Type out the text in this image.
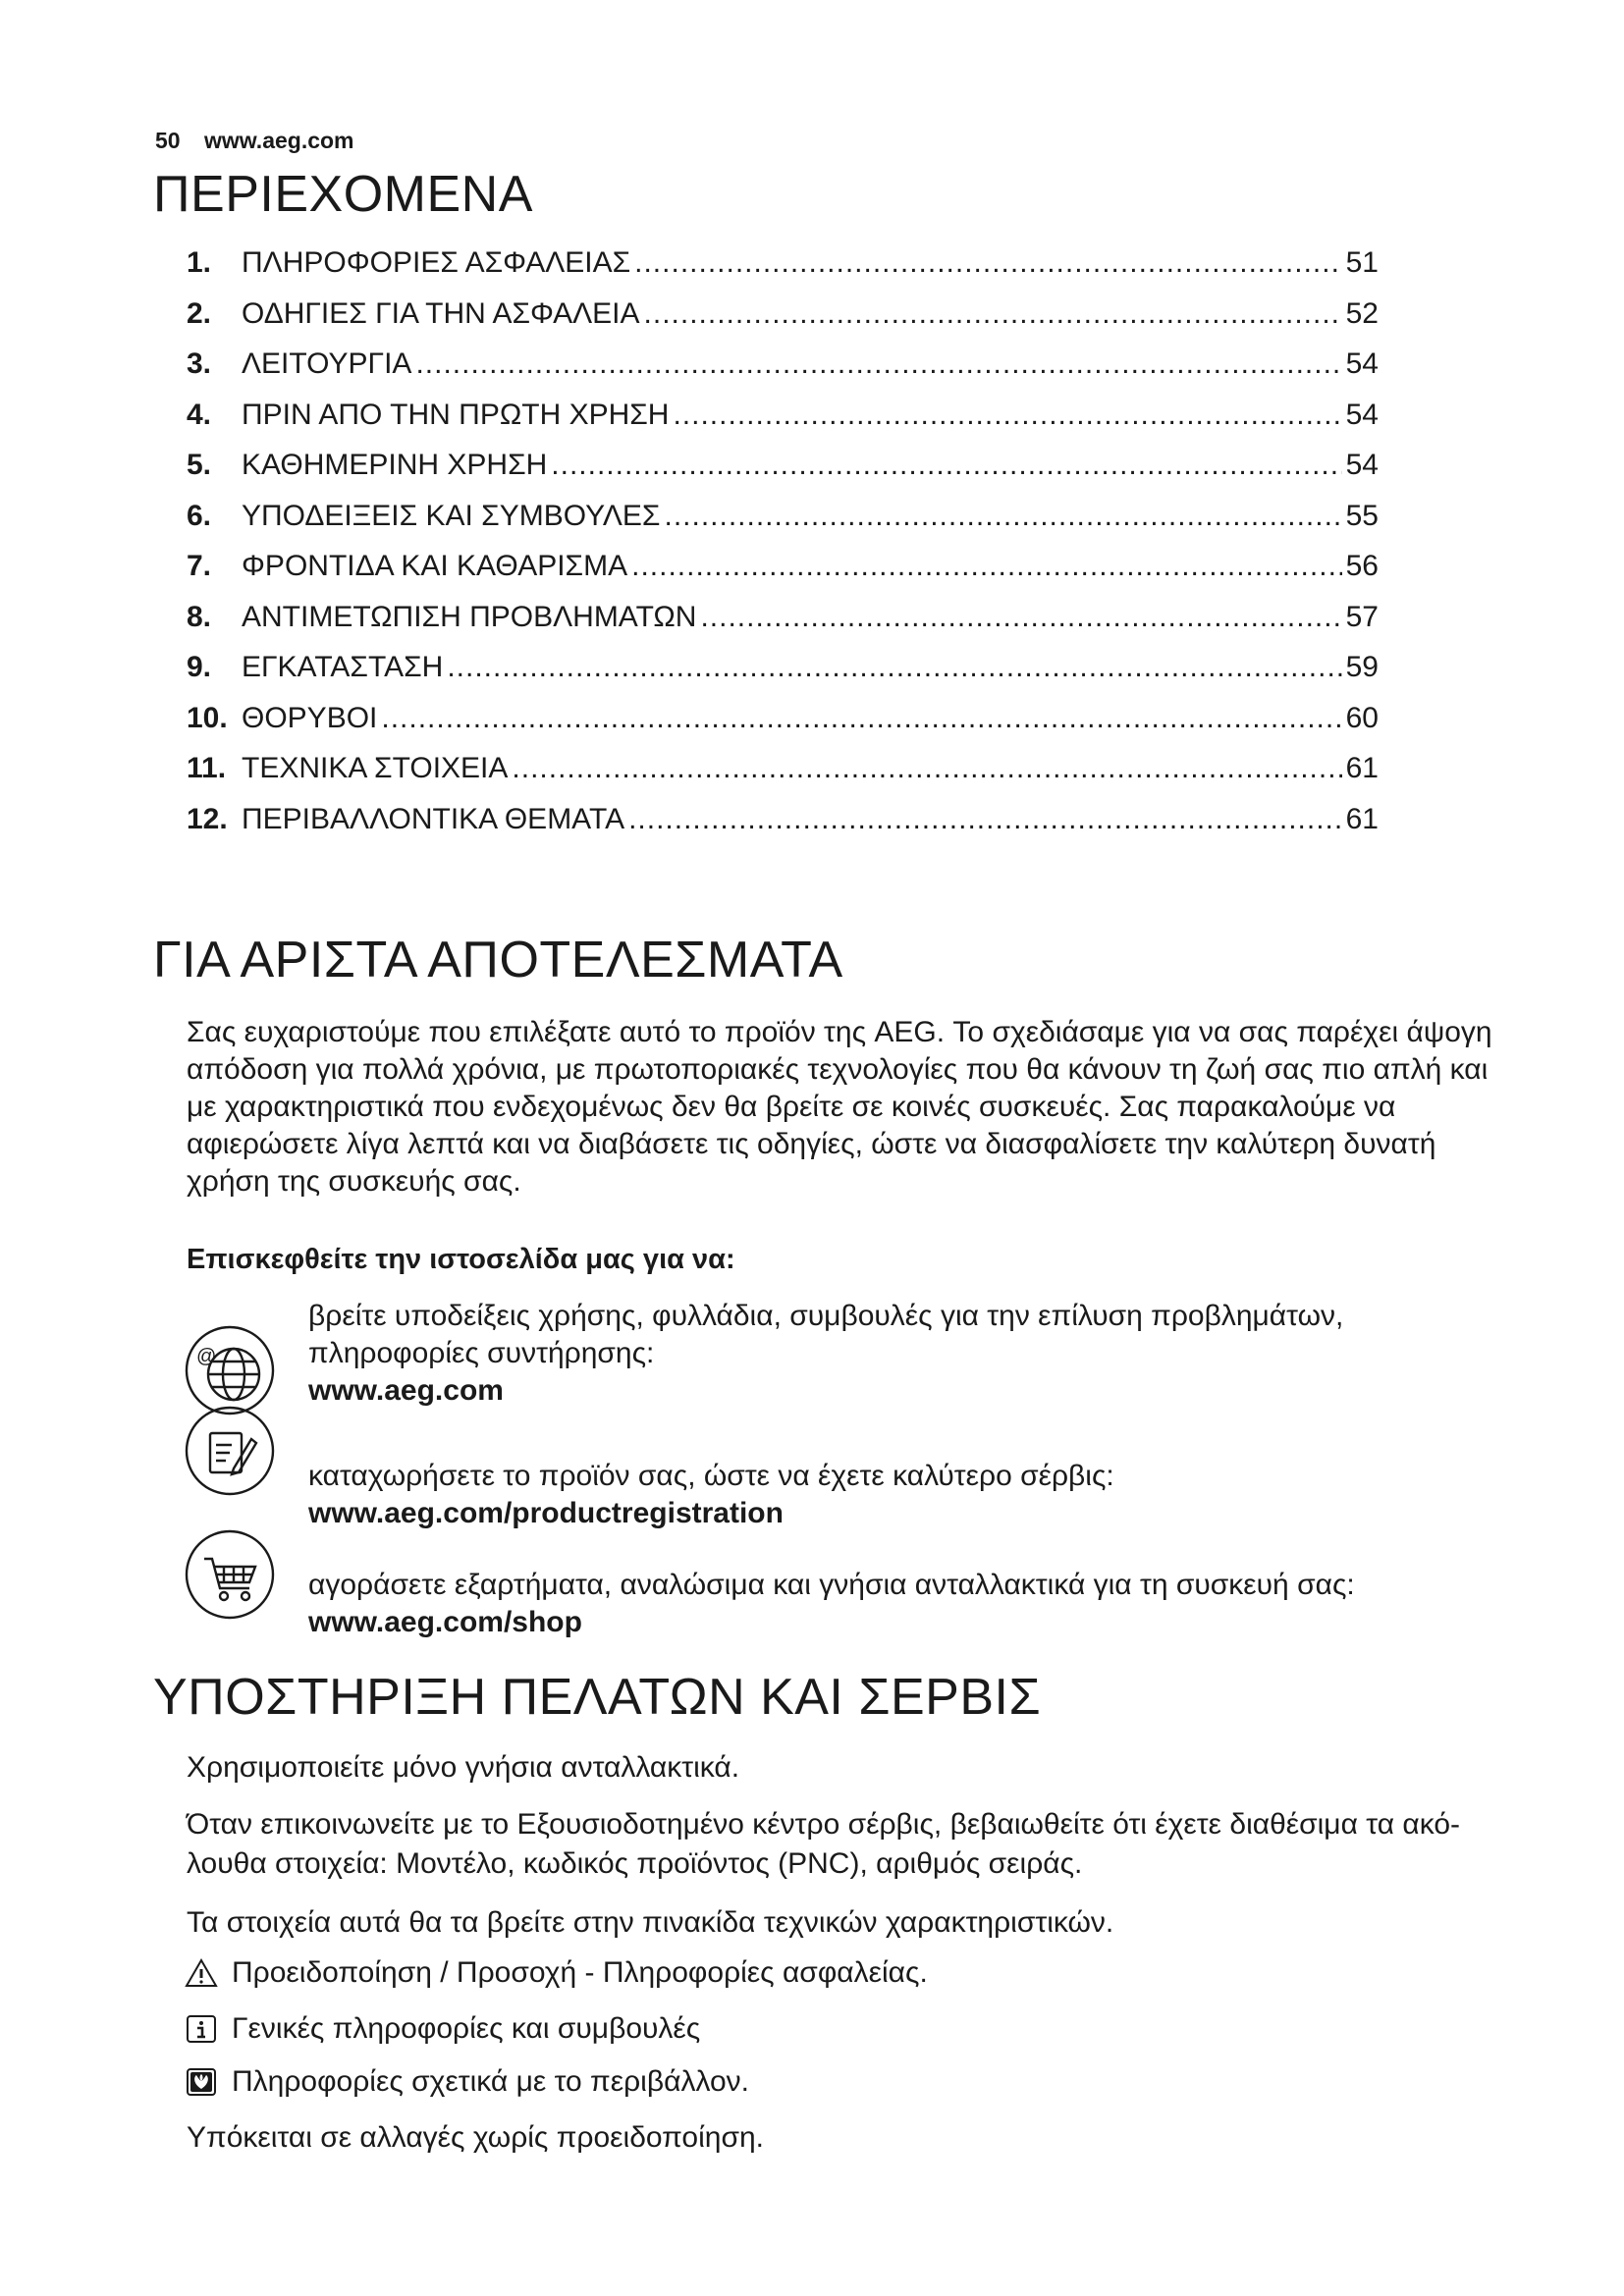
50 www.aeg.com
ΠΕΡΙΕΧΟΜΕΝΑ
1.	ΠΛΗΡΟΦΟΡΙΕΣ ΑΣΦΑΛΕΙΑΣ .....	51
2.	ΟΔΗΓΙΕΣ ΓΙΑ ΤΗΝ ΑΣΦΑΛΕΙΑ .....	52
3.	ΛΕΙΤΟΥΡΓΙΑ .....	54
4.	ΠΡΙΝ ΑΠΟ ΤΗΝ ΠΡΩΤΗ ΧΡΗΣΗ .....	54
5.	ΚΑΘΗΜΕΡΙΝΗ ΧΡΗΣΗ .....	54
6.	ΥΠΟΔΕΙΞΕΙΣ ΚΑΙ ΣΥΜΒΟΥΛΕΣ .....	55
7.	ΦΡΟΝΤΙΔΑ ΚΑΙ ΚΑΘΑΡΙΣΜΑ .....	56
8.	ΑΝΤΙΜΕΤΩΠΙΣΗ ΠΡΟΒΛΗΜΑΤΩΝ .....	57
9.	ΕΓΚΑΤΑΣΤΑΣΗ .....	59
10. ΘΟΡΥΒΟΙ .....	60
11. ΤΕΧΝΙΚΑ ΣΤΟΙΧΕΙΑ .....	61
12. ΠΕΡΙΒΑΛΛΟΝΤΙΚΑ ΘΕΜΑΤΑ .....	61
ΓΙΑ ΑΡΙΣΤΑ ΑΠΟΤΕΛΕΣΜΑΤΑ

Σας ευχαριστούμε που επιλέξατε αυτό το προϊόν της AEG. Το σχεδιάσαμε για να σας παρέχει άψογη απόδοση για πολλά χρόνια, με πρωτοποριακές τεχνολογίες που θα κάνουν τη ζωή σας πιο απλή και με χαρακτηριστικά που ενδεχομένως δεν θα βρείτε σε κοινές συσκευές. Σας παρακαλούμε να αφιερώσετε λίγα λεπτά και να διαβάσετε τις οδηγίες, ώστε να διασφαλίσετε την καλύτερη δυνατή χρήση της συσκευής σας.

Επισκεφθείτε την ιστοσελίδα μας για να:
@
βρείτε υποδείξεις χρήσης, φυλλάδια, συμβουλές για την επίλυση προβλημάτων, πληροφορίες συντήρησης:
www.aeg.com
καταχωρήσετε το προϊόν σας, ώστε να έχετε καλύτερο σέρβις:
www.aeg.com/productregistration
αγοράσετε εξαρτήματα, αναλώσιμα και γνήσια ανταλλακτικά για τη συσκευή σας:
www.aeg.com/shop
ΥΠΟΣΤΗΡΙΞΗ ΠΕΛΑΤΩΝ ΚΑΙ ΣΕΡΒΙΣ

Χρησιμοποιείτε μόνο γνήσια ανταλλακτικά.

Όταν επικοινωνείτε με το Εξουσιοδοτημένο κέντρο σέρβις, βεβαιωθείτε ότι έχετε διαθέσιμα τα ακόλουθα στοιχεία: Μοντέλο, κωδικός προϊόντος (PNC), αριθμός σειράς.

Τα στοιχεία αυτά θα τα βρείτε στην πινακίδα τεχνικών χαρακτηριστικών.

Προειδοποίηση / Προσοχή - Πληροφορίες ασφαλείας.
Γενικές πληροφορίες και συμβουλές
Πληροφορίες σχετικά με το περιβάλλον.

Υπόκειται σε αλλαγές χωρίς προειδοποίηση.
